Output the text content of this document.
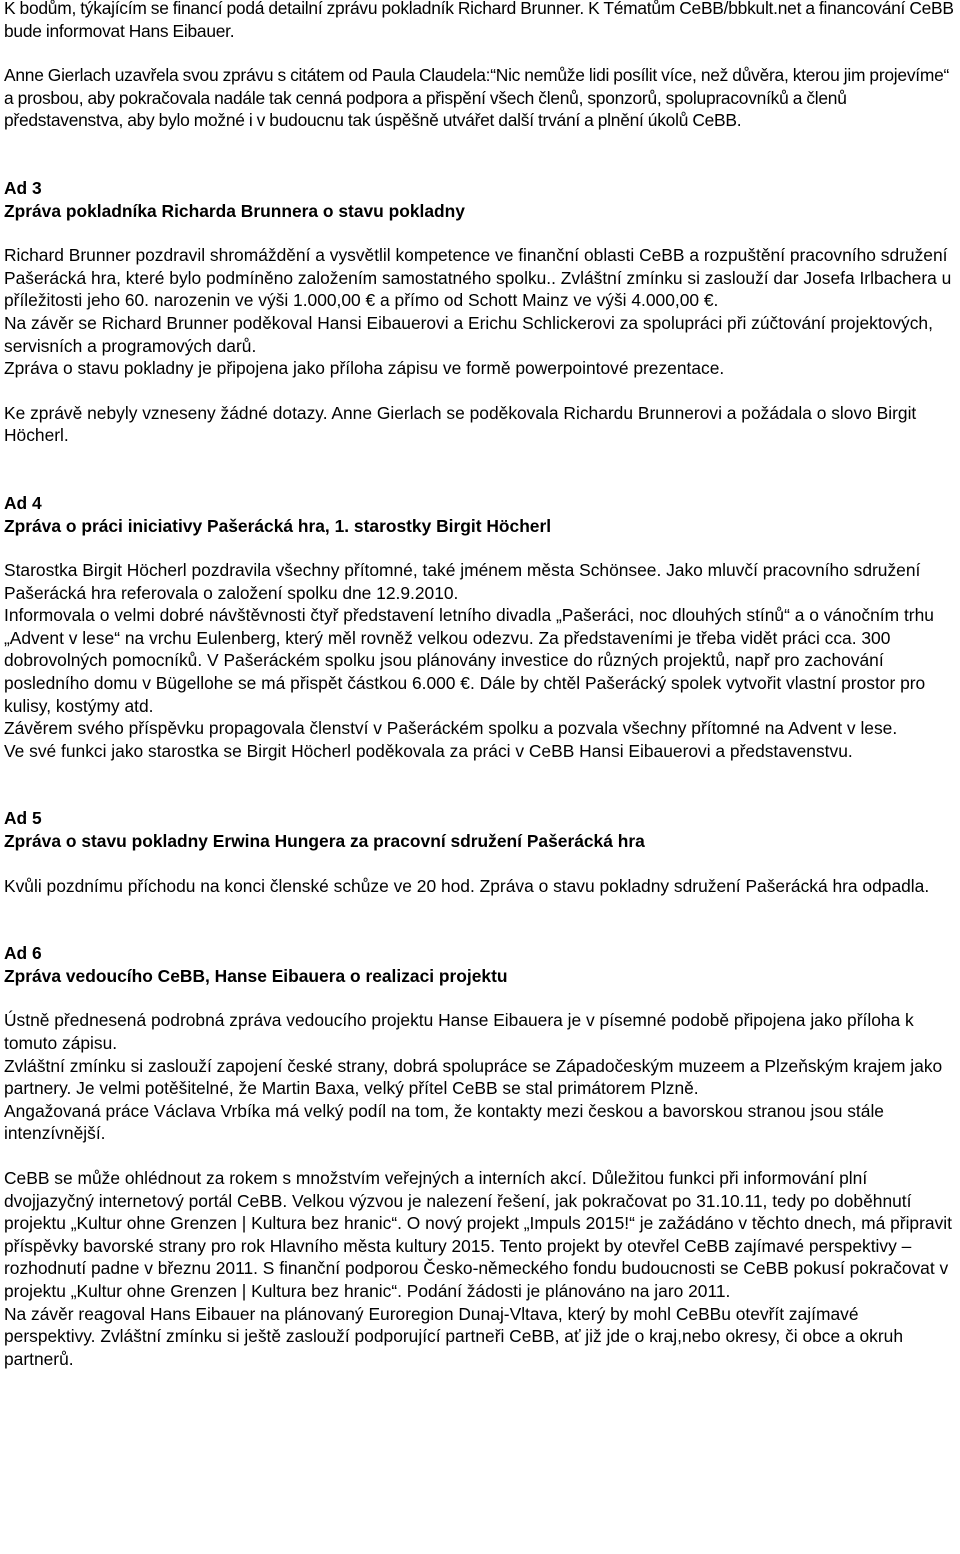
K bodům, týkajícím se financí podá detailní zprávu pokladník Richard Brunner. K Tématům CeBB/bbkult.net a financování CeBB bude informovat Hans Eibauer.

Anne Gierlach uzavřela svou zprávu s citátem od Paula Claudela:“Nic nemůže lidi posílit více, než důvěra, kterou jim projevíme“ a prosbou, aby pokračovala nadále tak cenná podpora a přispění všech členů, sponzorů, spolupracovníků a členů představenstva, aby bylo možné i v budoucnu tak úspěšně utvářet další trvání a plnění úkolů CeBB.

Ad 3

Zpráva pokladníka Richarda Brunnera o stavu pokladny

Richard Brunner pozdravil shromáždění a vysvětlil kompetence ve finanční oblasti CeBB a rozpuštění pracovního sdružení Pašerácká hra, které bylo podmíněno založením samostatného spolku.. Zvláštní zmínku si zaslouží dar Josefa Irlbachera u příležitosti jeho 60. narozenin ve výši 1.000,00 € a přímo od Schott Mainz ve výši 4.000,00 €.

Na závěr se Richard Brunner poděkoval Hansi Eibauerovi a Erichu Schlickerovi za spolupráci při zúčtování projektových, servisních a programových darů.

Zpráva o stavu pokladny je připojena jako příloha zápisu ve formě powerpointové prezentace.

Ke zprávě nebyly vzneseny žádné dotazy. Anne Gierlach se poděkovala Richardu Brunnerovi a požádala o slovo Birgit Höcherl.

Ad 4

Zpráva o práci iniciativy Pašerácká hra, 1. starostky Birgit Höcherl

Starostka Birgit Höcherl pozdravila všechny přítomné, také jménem města Schönsee. Jako mluvčí pracovního sdružení Pašerácká hra referovala o založení spolku dne 12.9.2010.

Informovala o velmi dobré návštěvnosti čtyř představení letního divadla „Pašeráci, noc dlouhých stínů“ a o vánočním trhu „Advent v lese“ na vrchu Eulenberg, který měl rovněž velkou odezvu. Za představeními je třeba vidět práci cca. 300 dobrovolných pomocníků. V Pašeráckém spolku jsou plánovány investice do různých projektů, např pro zachování posledního domu v Bügellohe se má přispět částkou 6.000 €. Dále by chtěl Pašerácký spolek vytvořit vlastní prostor pro kulisy, kostýmy atd.

Závěrem svého příspěvku propagovala členství v Pašeráckém spolku a pozvala všechny přítomné na Advent v lese.

Ve své funkci jako starostka se Birgit Höcherl poděkovala za práci v CeBB Hansi Eibauerovi a představenstvu.

Ad 5

Zpráva o stavu pokladny Erwina Hungera za pracovní sdružení Pašerácká hra

Kvůli pozdnímu příchodu na konci členské schůze ve 20 hod. Zpráva o stavu pokladny sdružení Pašerácká hra odpadla.

Ad 6

Zpráva vedoucího CeBB, Hanse Eibauera o realizaci projektu

Ústně přednesená podrobná zpráva vedoucího projektu Hanse Eibauera je v písemné podobě připojena jako příloha k tomuto zápisu.

Zvláštní zmínku si zaslouží zapojení české strany, dobrá spolupráce se Západočeským muzeem a Plzeňským krajem jako partnery. Je velmi potěšitelné, že Martin Baxa, velký přítel CeBB se stal primátorem Plzně.

Angažovaná práce Václava Vrbíka má velký podíl na tom, že kontakty mezi českou a bavorskou stranou jsou stále intenzívnější.

CeBB se může ohlédnout za rokem s množstvím veřejných a interních akcí. Důležitou funkci při informování plní dvojjazyčný internetový portál CeBB. Velkou výzvou je nalezení řešení, jak pokračovat po 31.10.11, tedy po doběhnutí projektu „Kultur ohne Grenzen | Kultura bez hranic“. O nový projekt „Impuls 2015!“ je zažádáno v těchto dnech, má připravit příspěvky bavorské strany pro rok Hlavního města kultury 2015. Tento projekt by otevřel CeBB zajímavé perspektivy – rozhodnutí padne v březnu 2011. S finanční podporou Česko-německého fondu budoucnosti se CeBB pokusí pokračovat v projektu „Kultur ohne Grenzen | Kultura bez hranic“. Podání žádosti je plánováno na jaro 2011.

Na závěr reagoval Hans Eibauer na plánovaný Euroregion Dunaj-Vltava, který by mohl CeBBu otevřít zajímavé perspektivy. Zvláštní zmínku si ještě zaslouží podporující partneři CeBB, ať již jde o kraj,nebo okresy, či obce a okruh partnerů.
